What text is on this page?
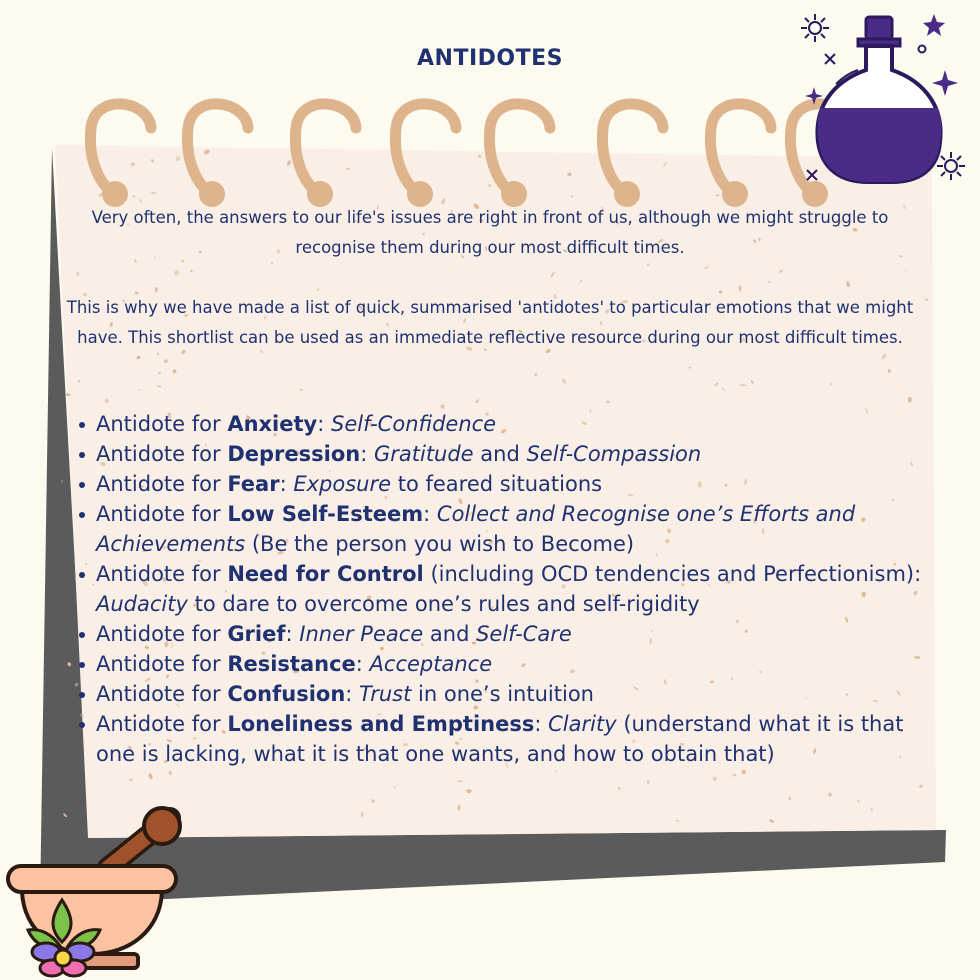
ANTIDOTES

Very often, the answers to our life's issues are right in front of us, although we might struggle to recognise them during our most difficult times.

This is why we have made a list of quick, summarised 'antidotes' to particular emotions that we might have. This shortlist can be used as an immediate reflective resource during our most difficult times.

Antidote for Anxiety: Self-Confidence
Antidote for Depression: Gratitude and Self-Compassion
Antidote for Fear: Exposure to feared situations
Antidote for Low Self-Esteem: Collect and Recognise one’s Efforts and Achievements (Be the person you wish to Become)
Antidote for Need for Control (including OCD tendencies and Perfectionism): Audacity to dare to overcome one’s rules and self-rigidity
Antidote for Grief: Inner Peace and Self-Care
Antidote for Resistance: Acceptance
Antidote for Confusion: Trust in one’s intuition
Antidote for Loneliness and Emptiness: Clarity (understand what it is that one is lacking, what it is that one wants, and how to obtain that)
